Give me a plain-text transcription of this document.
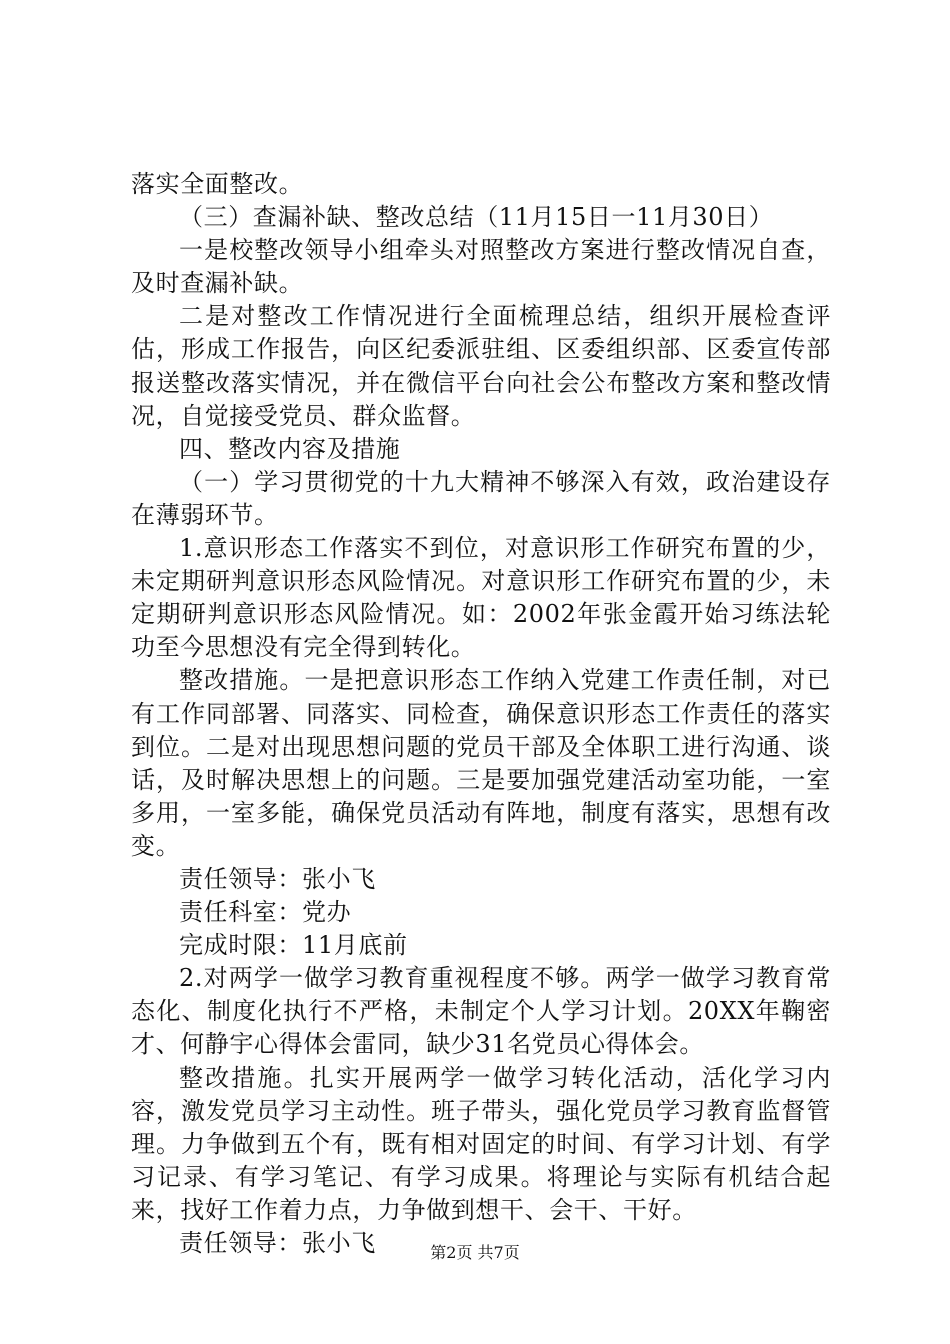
落实全面整改。

（三）查漏补缺、整改总结（11月15日一11月30日）

一是校整改领导小组牵头对照整改方案进行整改情况自查，及时查漏补缺。

二是对整改工作情况进行全面梳理总结，组织开展检查评估，形成工作报告，向区纪委派驻组、区委组织部、区委宣传部报送整改落实情况，并在微信平台向社会公布整改方案和整改情况，自觉接受党员、群众监督。

四、整改内容及措施

（一）学习贯彻党的十九大精神不够深入有效，政治建设存在薄弱环节。

1.意识形态工作落实不到位，对意识形工作研究布置的少，未定期研判意识形态风险情况。对意识形工作研究布置的少，未定期研判意识形态风险情况。如：2002年张金霞开始习练法轮功至今思想没有完全得到转化。

整改措施。一是把意识形态工作纳入党建工作责任制，对已有工作同部署、同落实、同检查，确保意识形态工作责任的落实到位。二是对出现思想问题的党员干部及全体职工进行沟通、谈话，及时解决思想上的问题。三是要加强党建活动室功能，一室多用，一室多能，确保党员活动有阵地，制度有落实，思想有改变。

责任领导：张小飞

责任科室：党办

完成时限：11月底前

2.对两学一做学习教育重视程度不够。两学一做学习教育常态化、制度化执行不严格，未制定个人学习计划。20XX年鞠密才、何静宇心得体会雷同，缺少31名党员心得体会。

整改措施。扎实开展两学一做学习转化活动，活化学习内容，激发党员学习主动性。班子带头，强化党员学习教育监督管理。力争做到五个有，既有相对固定的时间、有学习计划、有学习记录、有学习笔记、有学习成果。将理论与实际有机结合起来，找好工作着力点，力争做到想干、会干、干好。

责任领导：张小飞	第2页 共7页
